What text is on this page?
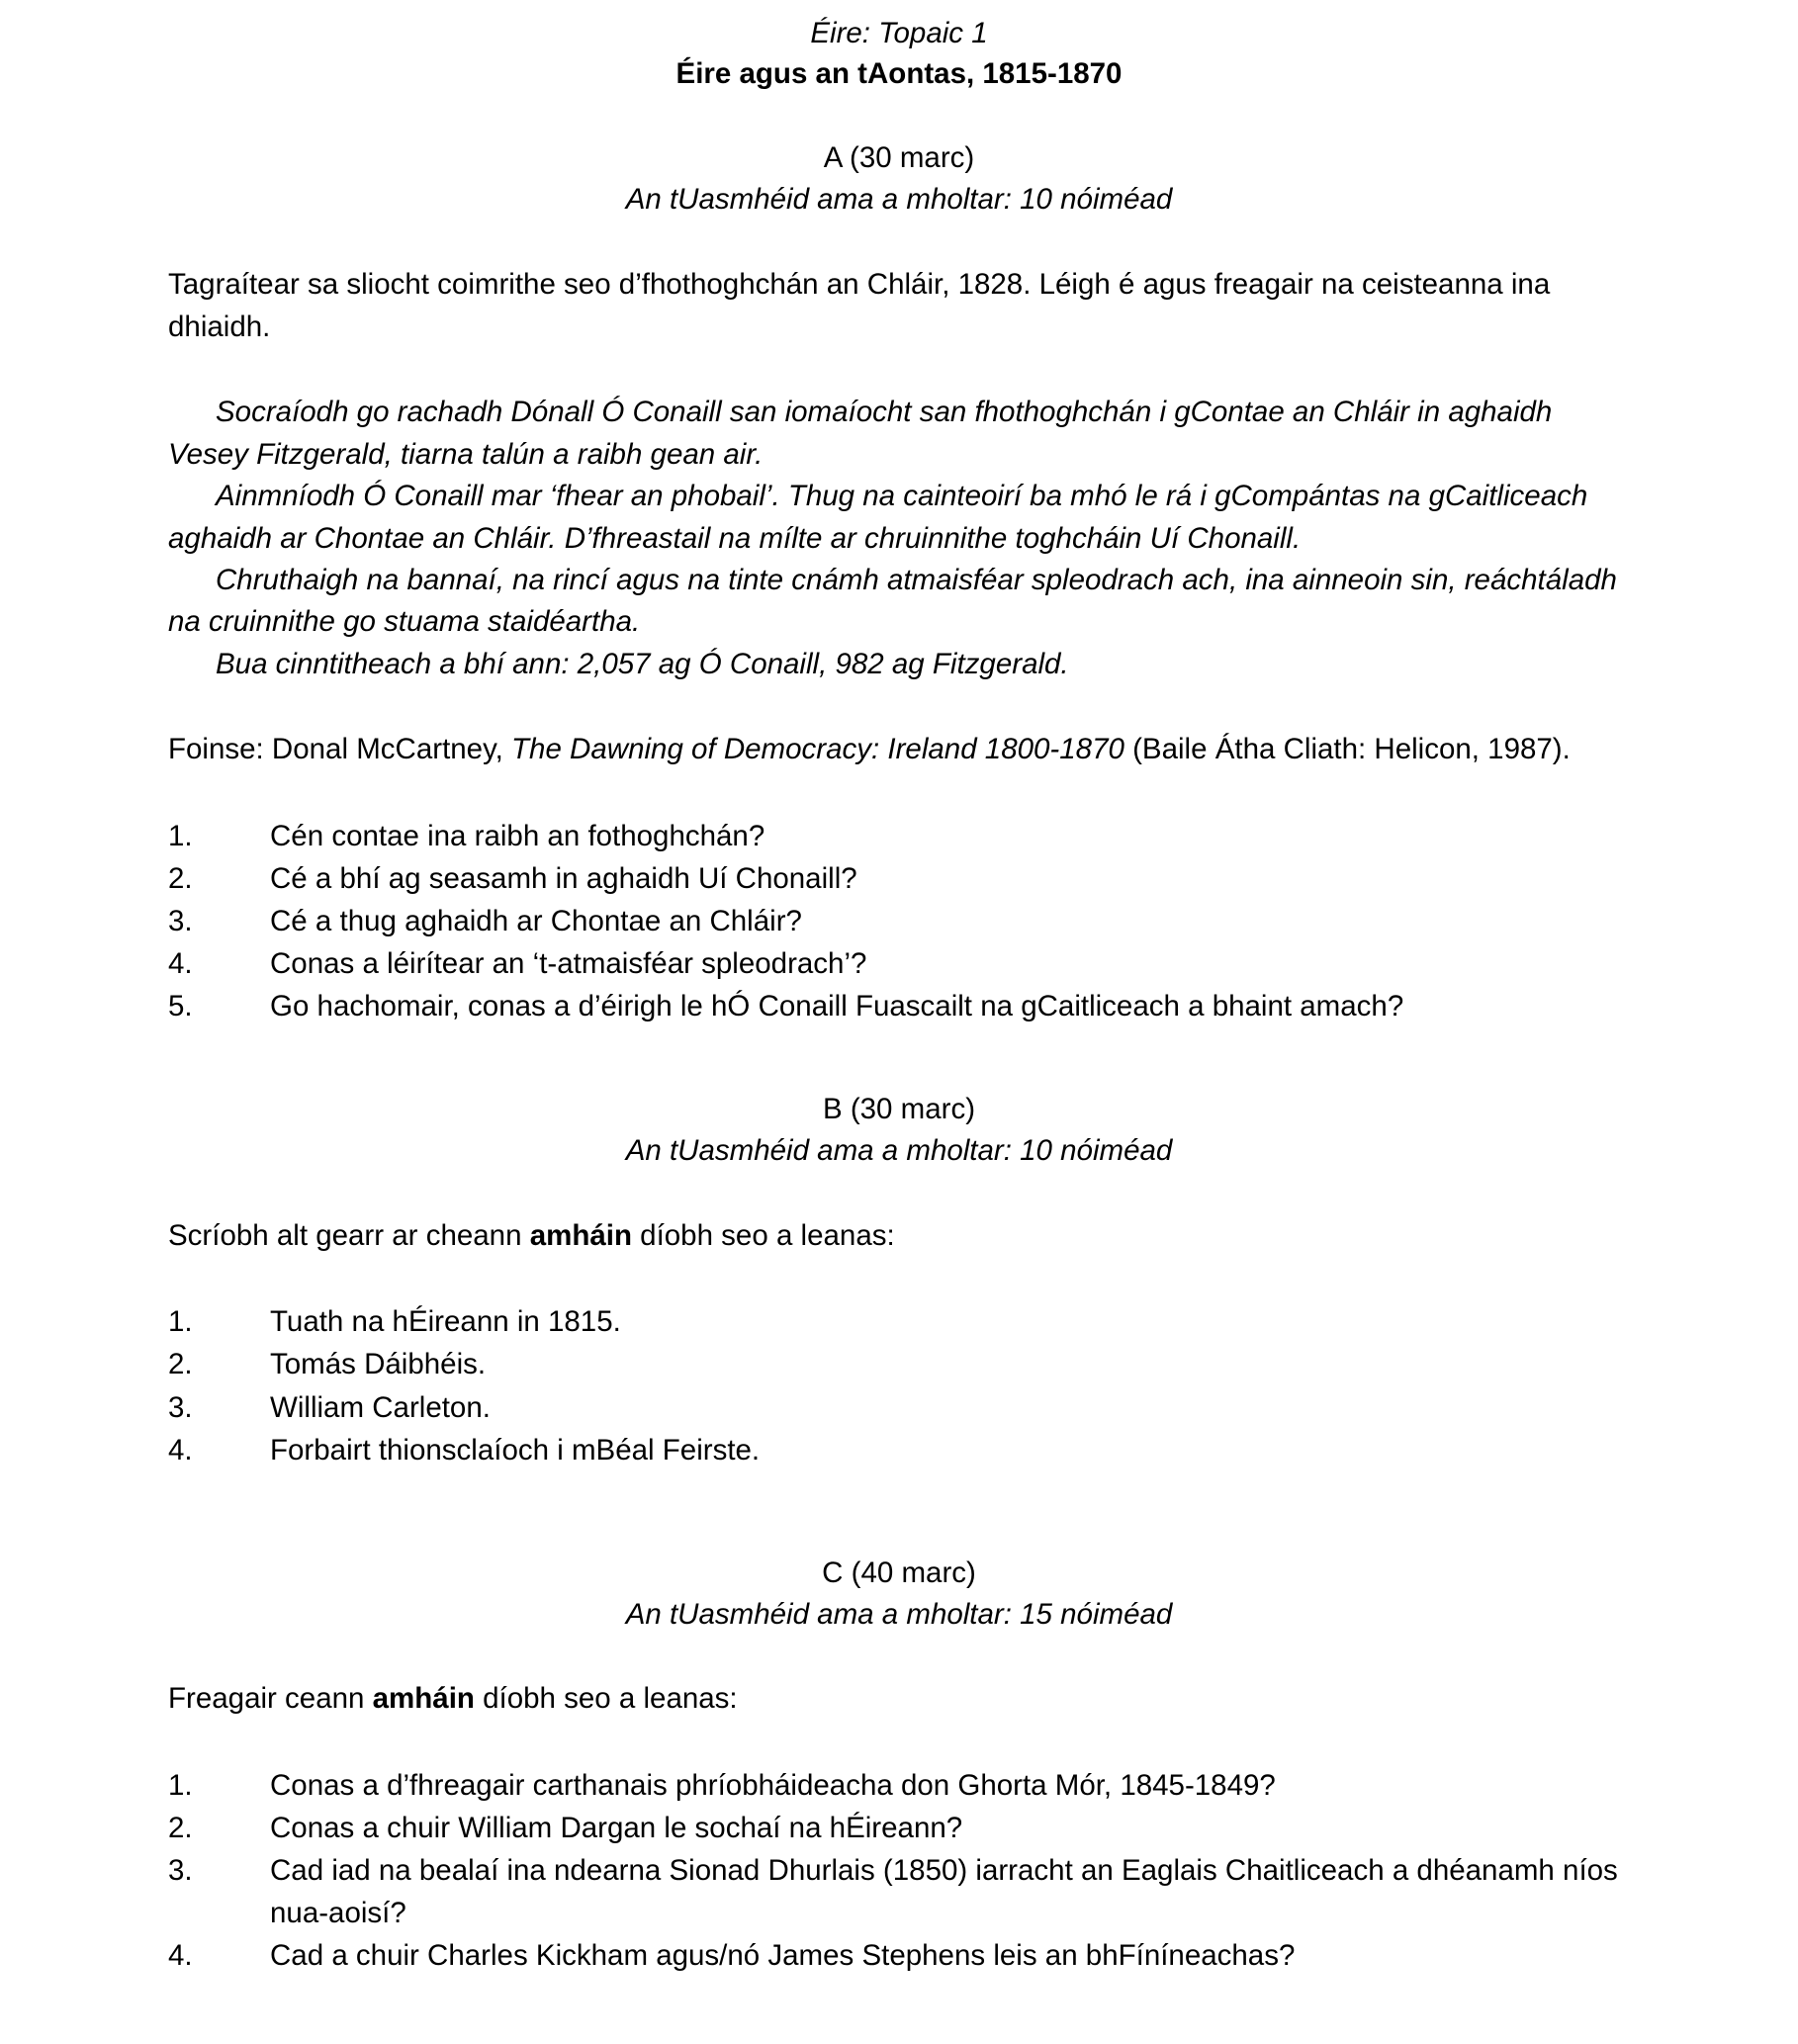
Éire: Topaic 1

Éire agus an tAontas, 1815-1870

A (30 marc)

An tUasmhéid ama a mholtar: 10 nóiméad

Tagraítear sa sliocht coimrithe seo d’fhothoghchán an Chláir, 1828. Léigh é agus freagair na ceisteanna ina dhiaidh.

Socraíodh go rachadh Dónall Ó Conaill san iomaíocht san fhothoghchán i gContae an Chláir in aghaidh Vesey Fitzgerald, tiarna talún a raibh gean air.

Ainmníodh Ó Conaill mar ‘fhear an phobail’. Thug na cainteoirí ba mhó le rá i gCompántas na gCaitliceach aghaidh ar Chontae an Chláir. D’fhreastail na mílte ar chruinnithe toghcháin Uí Chonaill.

Chruthaigh na bannaí, na rincí agus na tinte cnámh atmaisféar spleodrach ach, ina ainneoin sin, reáchtáladh na cruinnithe go stuama staidéartha.

Bua cinntitheach a bhí ann: 2,057 ag Ó Conaill, 982 ag Fitzgerald.

Foinse: Donal McCartney, The Dawning of Democracy: Ireland 1800-1870 (Baile Átha Cliath: Helicon, 1987).

1.	Cén contae ina raibh an fothoghchán?
2.	Cé a bhí ag seasamh in aghaidh Uí Chonaill?
3.	Cé a thug aghaidh ar Chontae an Chláir?
4.	Conas a léirítear an ‘t-atmaisféar spleodrach’?
5.	Go hachomair, conas a d’éirigh le hÓ Conaill Fuascailt na gCaitliceach a bhaint amach?

B (30 marc)

An tUasmhéid ama a mholtar: 10 nóiméad

Scríobh alt gearr ar cheann amháin díobh seo a leanas:

1.	Tuath na hÉireann in 1815.
2.	Tomás Dáibhéis.
3.	William Carleton.
4.	Forbairt thionsclaíoch i mBéal Feirste.

C (40 marc)

An tUasmhéid ama a mholtar: 15 nóiméad

Freagair ceann amháin díobh seo a leanas:

1.	Conas a d’fhreagair carthanais phríobháideacha don Ghorta Mór, 1845-1849?
2.	Conas a chuir William Dargan le sochaí na hÉireann?
3.	Cad iad na bealaí ina ndearna Sionad Dhurlais (1850) iarracht an Eaglais Chaitliceach a dhéanamh níos nua-aoisí?
4.	Cad a chuir Charles Kickham agus/nó James Stephens leis an bhFíníneachas?
